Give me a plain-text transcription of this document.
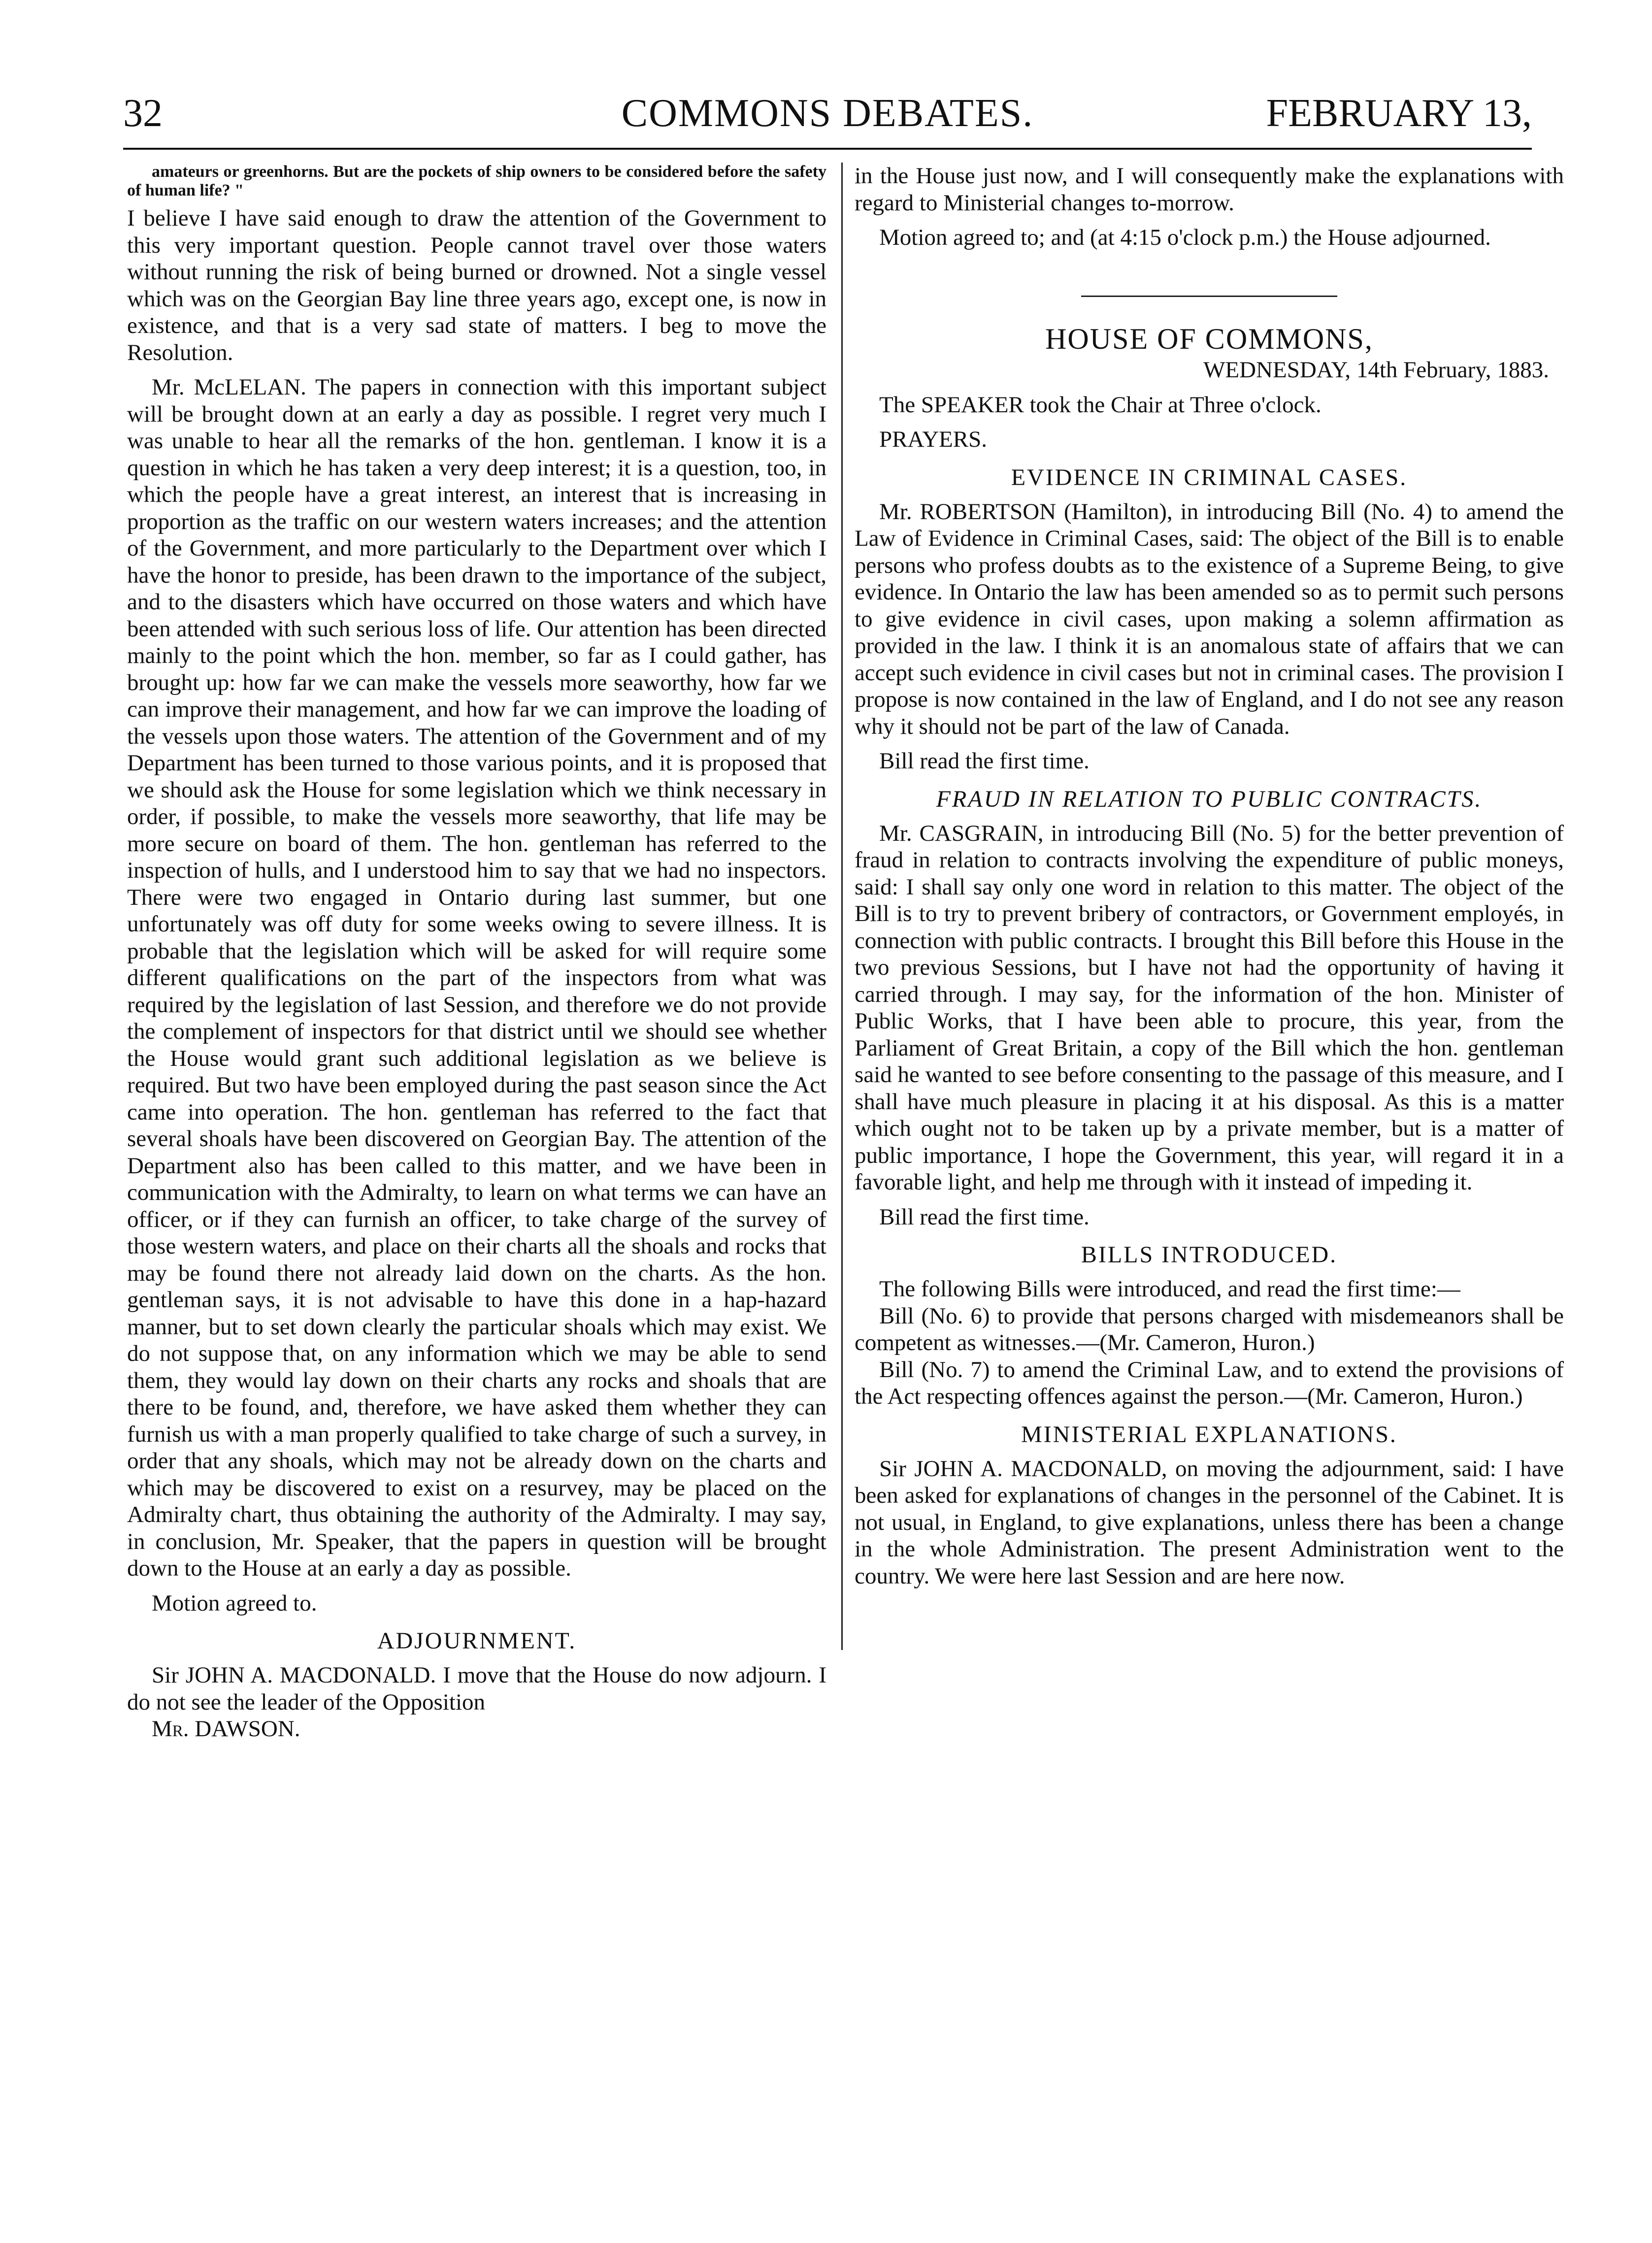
32	COMMONS DEBATES.	FEBRUARY 13,

amateurs or greenhorns. But are the pockets of ship owners to be considered before the safety of human life? "

I believe I have said enough to draw the attention of the Government to this very important question. People cannot travel over those waters without running the risk of being burned or drowned. Not a single vessel which was on the Georgian Bay line three years ago, except one, is now in existence, and that is a very sad state of matters. I beg to move the Resolution.

Mr. McLELAN. The papers in connection with this important subject will be brought down at an early a day as possible. I regret very much I was unable to hear all the remarks of the hon. gentleman. I know it is a question in which he has taken a very deep interest; it is a question, too, in which the people have a great interest, an interest that is increasing in proportion as the traffic on our western waters increases; and the attention of the Government, and more particularly to the Department over which I have the honor to preside, has been drawn to the importance of the subject, and to the disasters which have occurred on those waters and which have been attended with such serious loss of life. Our attention has been directed mainly to the point which the hon. member, so far as I could gather, has brought up: how far we can make the vessels more seaworthy, how far we can improve their management, and how far we can improve the loading of the vessels upon those waters. The attention of the Government and of my Department has been turned to those various points, and it is proposed that we should ask the House for some legislation which we think necessary in order, if possible, to make the vessels more seaworthy, that life may be more secure on board of them. The hon. gentleman has referred to the inspection of hulls, and I understood him to say that we had no inspectors. There were two engaged in Ontario during last summer, but one unfortunately was off duty for some weeks owing to severe illness. It is probable that the legislation which will be asked for will require some different qualifications on the part of the inspectors from what was required by the legislation of last Session, and therefore we do not provide the complement of inspectors for that district until we should see whether the House would grant such additional legislation as we believe is required. But two have been employed during the past season since the Act came into operation. The hon. gentleman has referred to the fact that several shoals have been discovered on Georgian Bay. The attention of the Department also has been called to this matter, and we have been in communication with the Admiralty, to learn on what terms we can have an officer, or if they can furnish an officer, to take charge of the survey of those western waters, and place on their charts all the shoals and rocks that may be found there not already laid down on the charts. As the hon. gentleman says, it is not advisable to have this done in a hap-hazard manner, but to set down clearly the particular shoals which may exist. We do not suppose that, on any information which we may be able to send them, they would lay down on their charts any rocks and shoals that are there to be found, and, therefore, we have asked them whether they can furnish us with a man properly qualified to take charge of such a survey, in order that any shoals, which may not be already down on the charts and which may be discovered to exist on a resurvey, may be placed on the Admiralty chart, thus obtaining the authority of the Admiralty. I may say, in conclusion, Mr. Speaker, that the papers in question will be brought down to the House at an early a day as possible.

Motion agreed to.

ADJOURNMENT.

Sir JOHN A. MACDONALD. I move that the House do now adjourn. I do not see the leader of the Opposition

Mr. DAWSON.

in the House just now, and I will consequently make the explanations with regard to Ministerial changes to-morrow.

Motion agreed to; and (at 4:15 o'clock p.m.) the House adjourned.

HOUSE OF COMMONS,
WEDNESDAY, 14th February, 1883.

The SPEAKER took the Chair at Three o'clock.

PRAYERS.

EVIDENCE IN CRIMINAL CASES.

Mr. ROBERTSON (Hamilton), in introducing Bill (No. 4) to amend the Law of Evidence in Criminal Cases, said: The object of the Bill is to enable persons who profess doubts as to the existence of a Supreme Being, to give evidence. In Ontario the law has been amended so as to permit such persons to give evidence in civil cases, upon making a solemn affirmation as provided in the law. I think it is an anomalous state of affairs that we can accept such evidence in civil cases but not in criminal cases. The provision I propose is now contained in the law of England, and I do not see any reason why it should not be part of the law of Canada.

Bill read the first time.

FRAUD IN RELATION TO PUBLIC CONTRACTS.

Mr. CASGRAIN, in introducing Bill (No. 5) for the better prevention of fraud in relation to contracts involving the expenditure of public moneys, said: I shall say only one word in relation to this matter. The object of the Bill is to try to prevent bribery of contractors, or Government employés, in connection with public contracts. I brought this Bill before this House in the two previous Sessions, but I have not had the opportunity of having it carried through. I may say, for the information of the hon. Minister of Public Works, that I have been able to procure, this year, from the Parliament of Great Britain, a copy of the Bill which the hon. gentleman said he wanted to see before consenting to the passage of this measure, and I shall have much pleasure in placing it at his disposal. As this is a matter which ought not to be taken up by a private member, but is a matter of public importance, I hope the Government, this year, will regard it in a favorable light, and help me through with it instead of impeding it.

Bill read the first time.

BILLS INTRODUCED.

The following Bills were introduced, and read the first time:—

Bill (No. 6) to provide that persons charged with misdemeanors shall be competent as witnesses.—(Mr. Cameron, Huron.)

Bill (No. 7) to amend the Criminal Law, and to extend the provisions of the Act respecting offences against the person.—(Mr. Cameron, Huron.)

MINISTERIAL EXPLANATIONS.

Sir JOHN A. MACDONALD, on moving the adjournment, said: I have been asked for explanations of changes in the personnel of the Cabinet. It is not usual, in England, to give explanations, unless there has been a change in the whole Administration. The present Administration went to the country. We were here last Session and are here now.
